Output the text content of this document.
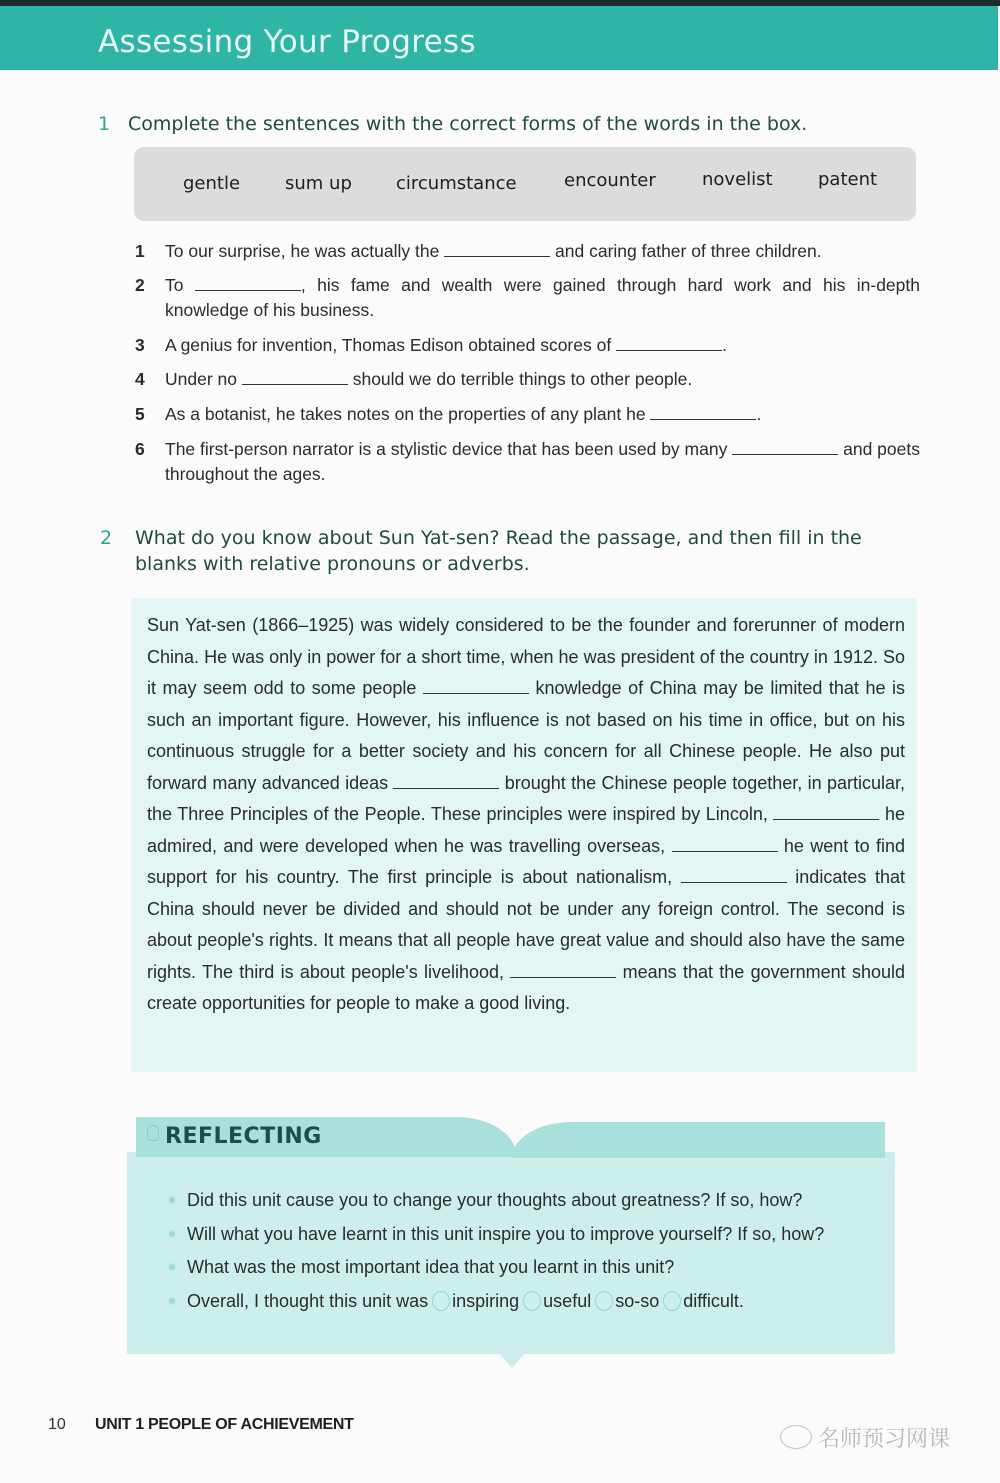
Assessing Your Progress
1 Complete the sentences with the correct forms of the words in the box.
gentle sum up circumstance	encounter	novelist	patent
1 To our surprise, he was actually the	and caring father of three children.
2 To	, his fame and wealth were gained through hard work and his in-depth knowledge of his business.
3 A genius for invention, Thomas Edison obtained scores of	.
4 Under no	should we do terrible things to other people.
5 As a botanist, he takes notes on the properties of any plant he	.
6 The first-person narrator is a stylistic device that has been used by many	and poets throughout the ages.
2	What do you know about Sun Yat-sen? Read the passage, and then fill in the blanks with relative pronouns or adverbs.
Sun Yat-sen (1866–1925) was widely considered to be the founder and forerunner of modern China. He was only in power for a short time, when he was president of the country in 1912. So it may seem odd to some people	knowledge of China may be limited that he is such an important figure. However, his influence is not based on his time in office, but on his continuous struggle for a better society and his concern for all Chinese people. He also put forward many advanced ideas	brought the Chinese people together, in particular, the Three Principles of the People. These principles were inspired by Lincoln,	he admired, and were developed when he was travelling overseas,	he went to find support for his country. The first principle is about nationalism,	indicates that China should never be divided and should not be under any foreign control. The second is about people's rights. It means that all people have great value and should also have the same rights. The third is about people's livelihood,	means that the government should create opportunities for people to make a good living.
REFLECTING
Did this unit cause you to change your thoughts about greatness? If so, how?
Will what you have learnt in this unit inspire you to improve yourself? If so, how?
What was the most important idea that you learnt in this unit?
Overall, I thought this unit was inspiring useful so-so difficult.
10 UNIT 1 PEOPLE OF ACHIEVEMENT
名师预习网课
